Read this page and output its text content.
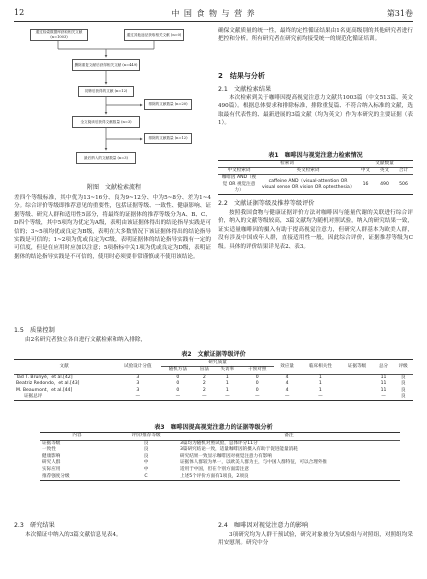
12	中 国 食 物 与 营 养	第31卷
通过检索数据库获取相关文献 (n=1003)
通过其他途径获取相关文献 (n=0)
删除重复文献后获得相关文献 (n=449)
初筛后获得的文献 (n=12)
排除的文献数量 (n=20)
全文阅读后获得文献数量 (n=3)
排除的文献数量 (n=12)
最后纳入的文献数量 (n=3)
附图　文献检索流程

差四个等级标准，其中优为13~16分、良为9~12分、中为5~8分、差为1~4分。综合评价等级即推荐意见的重要性，包括证据等级、一致性、健康影响、证据等级、研究人群和适用性5部分，将最终的证据体的推荐等级分为A、B、C、D四个等级，其中5项均为优定为A级，表明由该证据体得出的结论指导实践是可信的；3~5项均优或良定为B级，表明在大多数情况下该证据体得出的结论指导实践是可信的；1~2项为优或良定为C级，表明证据体的结论指导实践有一定的可信度，但是在应用时应加以注意；5项指标中关1项为优或良定为D级，表明证据体的结论指导实践是不可信的，使用时必须要非常谨慎或不使用该结论。

1.5　质量控制

由2名研究者独立各自进行文献检索和纳入排除，

确保文献质量的统一性，最终的定性循证结果由1名更高级别的其他研究者进行把控和分析。所有研究者在研究前均接受统一的规范化循证培训。

2　结果与分析
2.1　文献检索结果

本次检索到关于咖啡因提高视觉注意力文献共1003篇（中文513篇、英文490篇）。根据总体要求和排除标准，排除重复篇、不符合纳入标准的文献，选取最有代表性的、最新进展的3篇文献（均为英文）作为本研究的主要证据（表1）。

表1　咖啡因与视觉注意力检索情况
检索词		文献数量		
中文检索词	英文检索词	中文	英文	合计
咖啡因 AND（视觉 OR 视觉注意力）	caffeine AND（visual-attention OR visual sense OR vision OR optesthesia）	16	490	506
2.2　文献证据等级及推荐等级评价

按照我国食物与健康证据评价方法对咖啡因与能量代谢的关联进行综合评价，纳入的文献等级较高，3篇文献均为随机对照试验，纳入的研究结果一致，证实适量咖啡因的摄入有助于提高视觉注意力，但研究人群基本为欧美人群，没有涉及中国成年人群，直接适用性一般，因此综合评价，证据推荐等级为C级。具体的评价结果详见表2、表3。

表2　文献证据等级评价
文献	试验设计分值	研究质量				效应量	临床相关性	证据等级	总分	评级
		随机方法	盲法	失访率	干预对照					
Tad T. Brunyé，et al.[42]	3	0	2	1	0	4	1		11	良
Beatriz Redondo，et al.[43]	3	0	2	1	0	4	1		11	良
M. Beaumont，et al.[44]	3	0	2	1	0	4	1		11	良
证据总评	—	—	—	—	—	—	—		—	良
表3　咖啡因提高视觉注意力的证据等级分析
内容	评价/推荐等级	备注
证据等级	良	3篇均为随机对照试验，总体评分11分
一致性	良	3篇研究结论一致，适量咖啡因的摄入有助于促进能量消耗
健康影响	良	研究结果一致显示咖啡因对视觉注意力有影响
研究人群	中	证据体人群较为单一，以欧美人群为主，与中国人群特征，可以合理外推
实际应用	中	适用于中国，但在个别方面需注意
推荐强度分级	C	上述5个评价方面有1项良，2项良
2.3　研究结果

本次循证中纳入的3篇文献信息见表4。

2.4　咖啡因对视觉注意力的影响

3项研究均为人群干预试验，研究对象被分为试验组与对照组，对照组均采用安慰剂。研究中分
